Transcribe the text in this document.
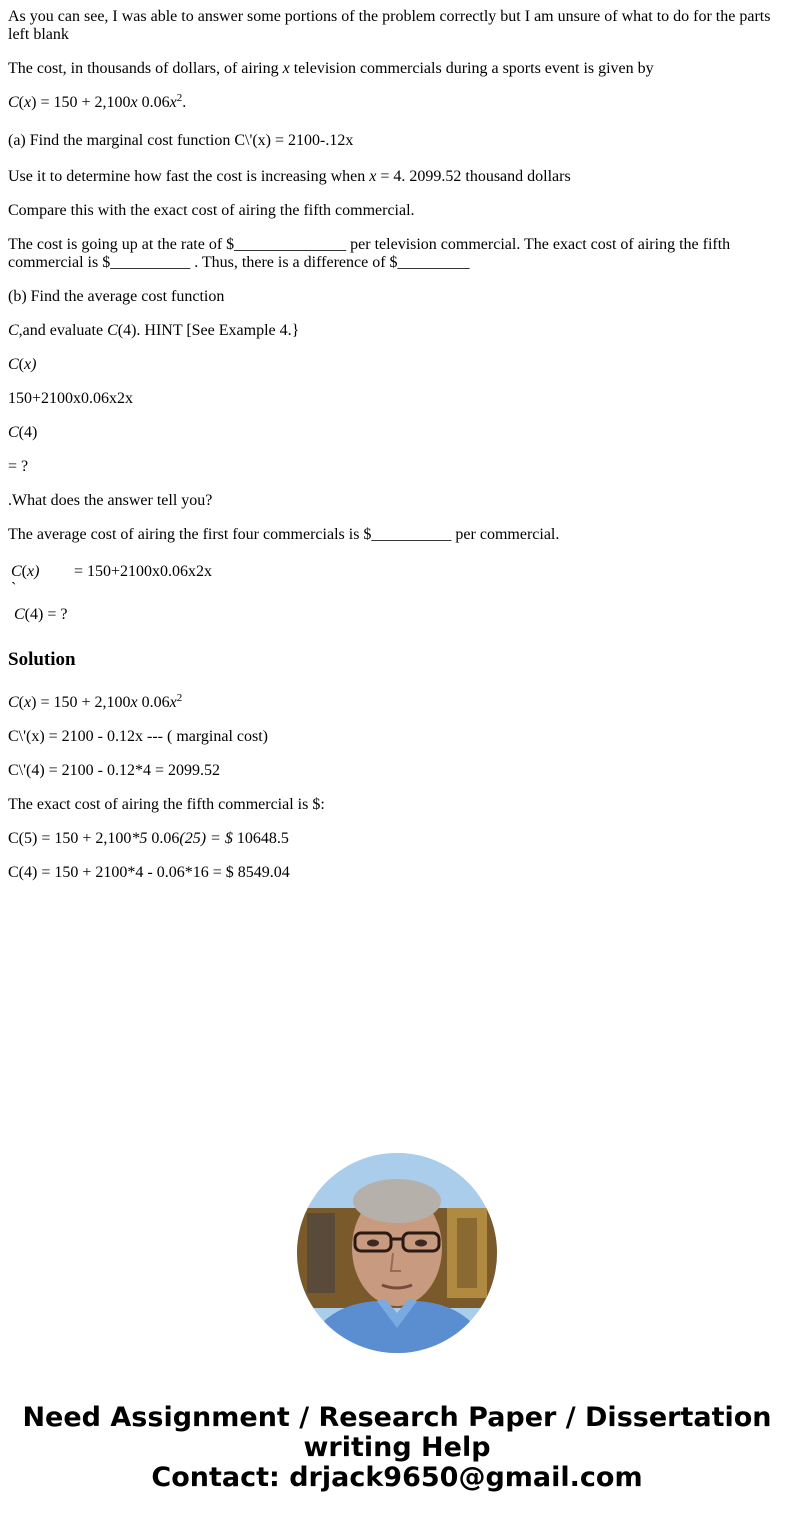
As you can see, I was able to answer some portions of the problem correctly but I am unsure of what to do for the parts left blank

The cost, in thousands of dollars, of airing x television commercials during a sports event is given by

C(x) = 150 + 2,100x $0.06x^2$.

(a) Find the marginal cost function C\'(x) = 2100-.12x

Use it to determine how fast the cost is increasing when x = 4. 2099.52 thousand dollars

Compare this with the exact cost of airing the fifth commercial.

The cost is going up at the rate of $______________ per television commercial. The exact cost of airing the fifth commercial is $__________ . Thus, there is a difference of $_________

(b) Find the average cost function

C,and evaluate C(4). HINT [See Example 4.}

C(x)

150+2100x0.06x2x

C(4)

= ?

.What does the answer tell you?

The average cost of airing the first four commercials is $__________ per commercial.

C(x) = 150+2100x0.06x2x
`
C(4) = ?
Solution

C(x) = 150 + 2,100x $0.06x^2$

C\'(x) = 2100 - 0.12x --- ( marginal cost)

C\'(4) = 2100 - 0.12*4 = 2099.52

The exact cost of airing the fifth commercial is $:

C(5) = 150 + 2,100*5 0.06(25) = $ 10648.5

C(4) = 150 + 2100*4 - 0.06*16 = $ 8549.04

Need Assignment / Research Paper / Dissertation
writing Help
Contact: drjack9650@gmail.com
